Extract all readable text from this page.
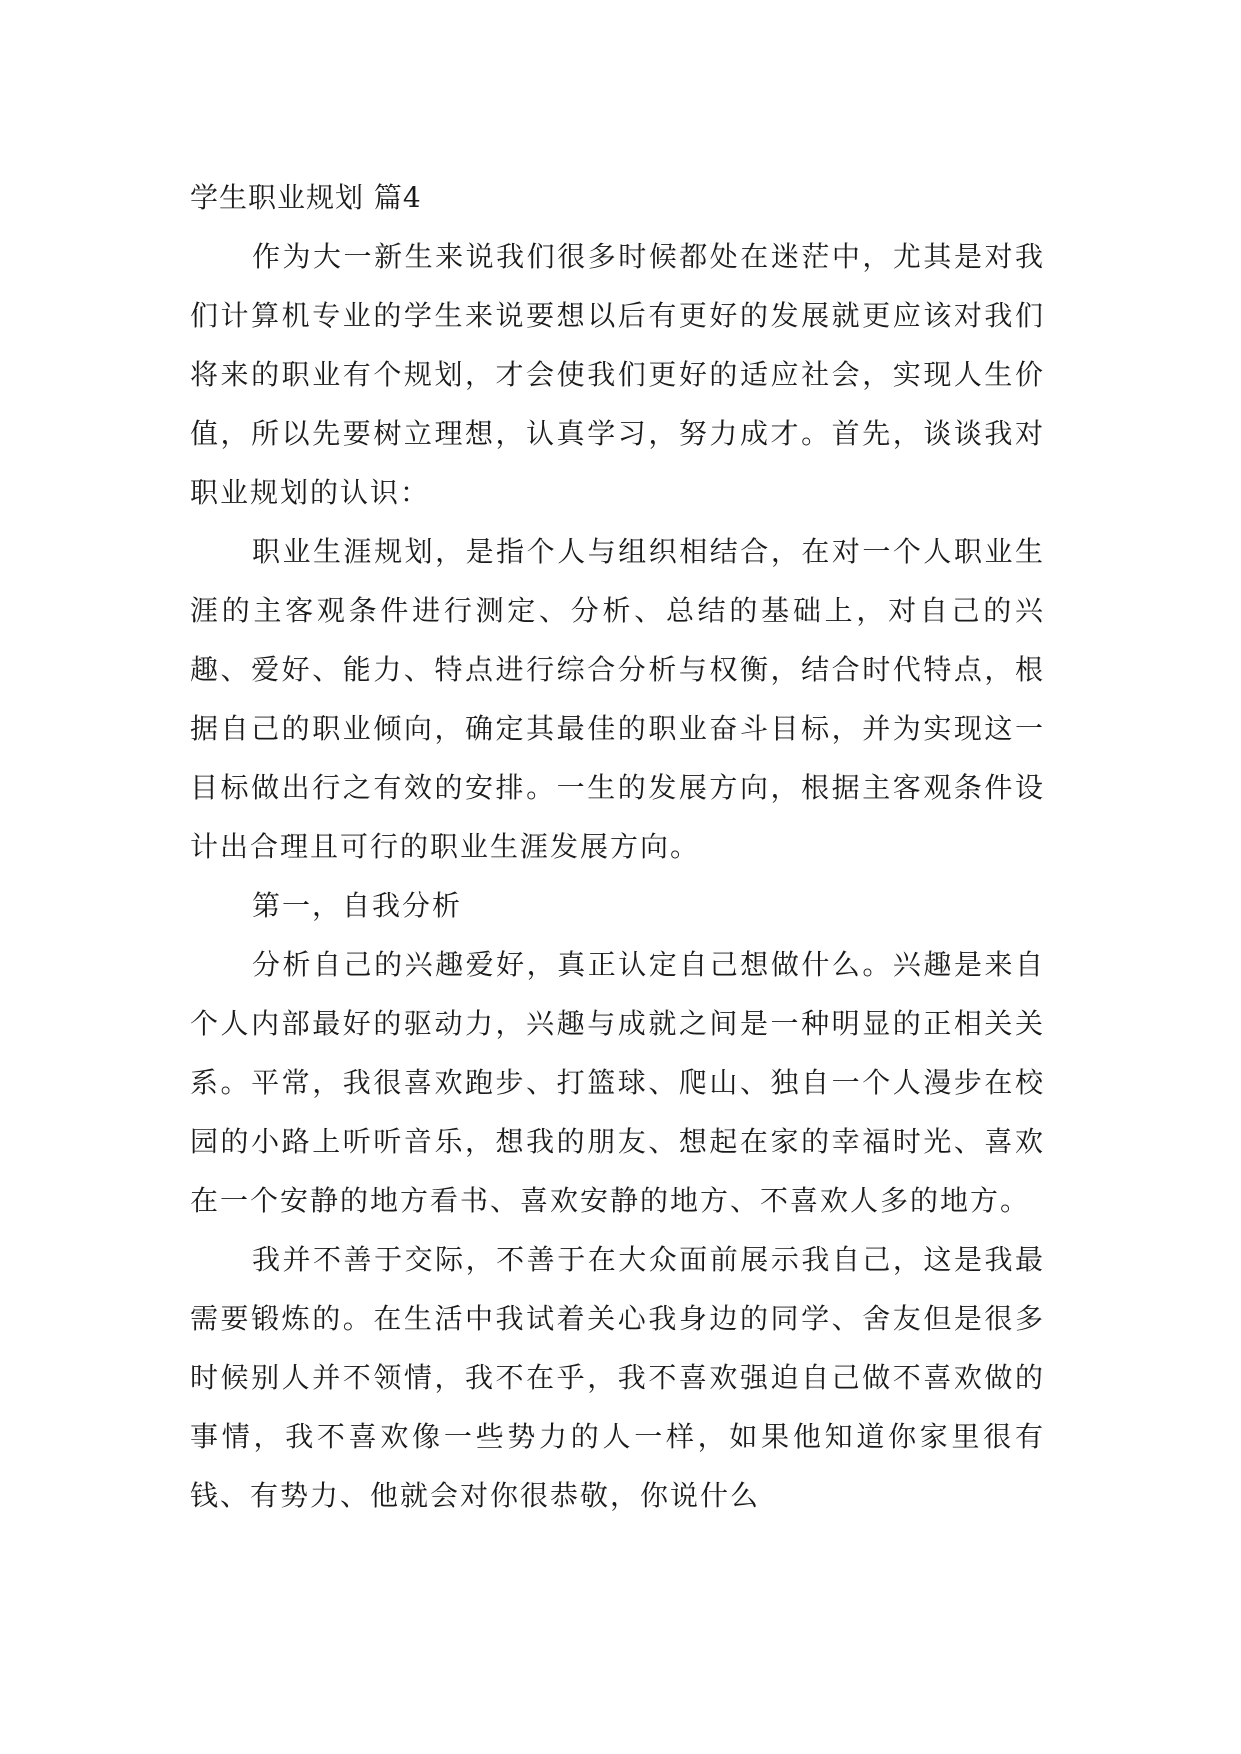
学生职业规划 篇4

作为大一新生来说我们很多时候都处在迷茫中，尤其是对我们计算机专业的学生来说要想以后有更好的发展就更应该对我们将来的职业有个规划，才会使我们更好的适应社会，实现人生价值，所以先要树立理想，认真学习，努力成才。首先，谈谈我对职业规划的认识：

职业生涯规划，是指个人与组织相结合，在对一个人职业生涯的主客观条件进行测定、分析、总结的基础上，对自己的兴趣、爱好、能力、特点进行综合分析与权衡，结合时代特点，根据自己的职业倾向，确定其最佳的职业奋斗目标，并为实现这一目标做出行之有效的安排。一生的发展方向，根据主客观条件设计出合理且可行的职业生涯发展方向。

第一，自我分析

分析自己的兴趣爱好，真正认定自己想做什么。兴趣是来自个人内部最好的驱动力，兴趣与成就之间是一种明显的正相关关系。平常，我很喜欢跑步、打篮球、爬山、独自一个人漫步在校园的小路上听听音乐，想我的朋友、想起在家的幸福时光、喜欢在一个安静的地方看书、喜欢安静的地方、不喜欢人多的地方。

我并不善于交际，不善于在大众面前展示我自己，这是我最需要锻炼的。在生活中我试着关心我身边的同学、舍友但是很多时候别人并不领情，我不在乎，我不喜欢强迫自己做不喜欢做的事情，我不喜欢像一些势力的人一样，如果他知道你家里很有钱、有势力、他就会对你很恭敬，你说什么
